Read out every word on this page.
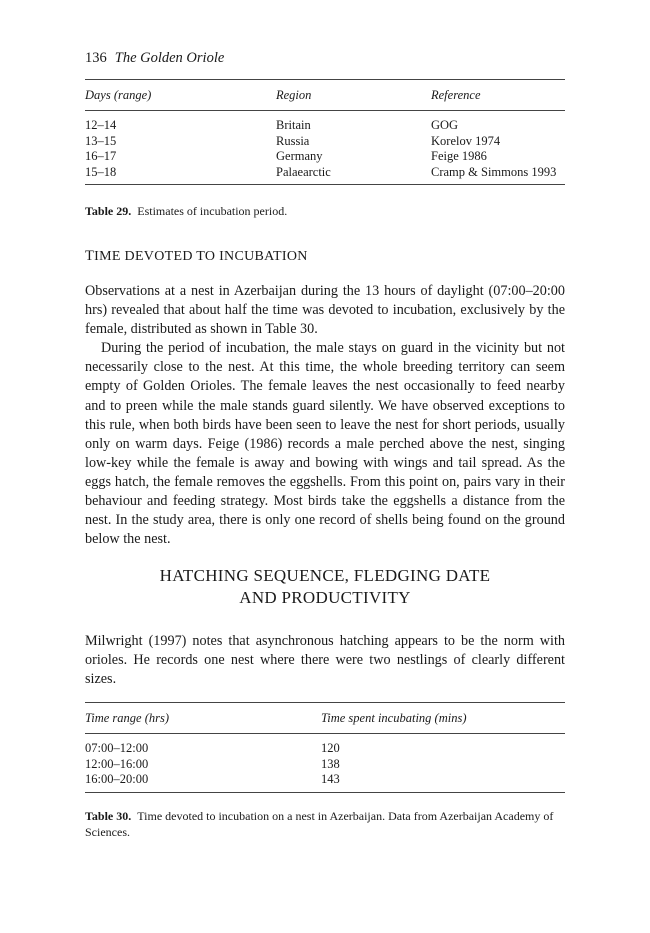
136 The Golden Oriole
Days (range)	Region	Reference
12–14	Britain	GOG
13–15	Russia	Korelov 1974
16–17	Germany	Feige 1986
15–18	Palaearctic	Cramp & Simmons 1993
Table 29. Estimates of incubation period.
TIME DEVOTED TO INCUBATION

Observations at a nest in Azerbaijan during the 13 hours of daylight (07:00–20:00 hrs) revealed that about half the time was devoted to incubation, exclusively by the female, distributed as shown in Table 30.

During the period of incubation, the male stays on guard in the vicinity but not necessarily close to the nest. At this time, the whole breeding territory can seem empty of Golden Orioles. The female leaves the nest occasionally to feed nearby and to preen while the male stands guard silently. We have observed exceptions to this rule, when both birds have been seen to leave the nest for short periods, usually only on warm days. Feige (1986) records a male perched above the nest, singing low-key while the female is away and bowing with wings and tail spread. As the eggs hatch, the female removes the eggshells. From this point on, pairs vary in their behaviour and feeding strategy. Most birds take the eggshells a distance from the nest. In the study area, there is only one record of shells being found on the ground below the nest.

HATCHING SEQUENCE, FLEDGING DATE
AND PRODUCTIVITY

Milwright (1997) notes that asynchronous hatching appears to be the norm with orioles. He records one nest where there were two nestlings of clearly different sizes.

Time range (hrs)	Time spent incubating (mins)
07:00–12:00	120
12:00–16:00	138
16:00–20:00	143
Table 30. Time devoted to incubation on a nest in Azerbaijan. Data from Azerbaijan Academy of Sciences.
